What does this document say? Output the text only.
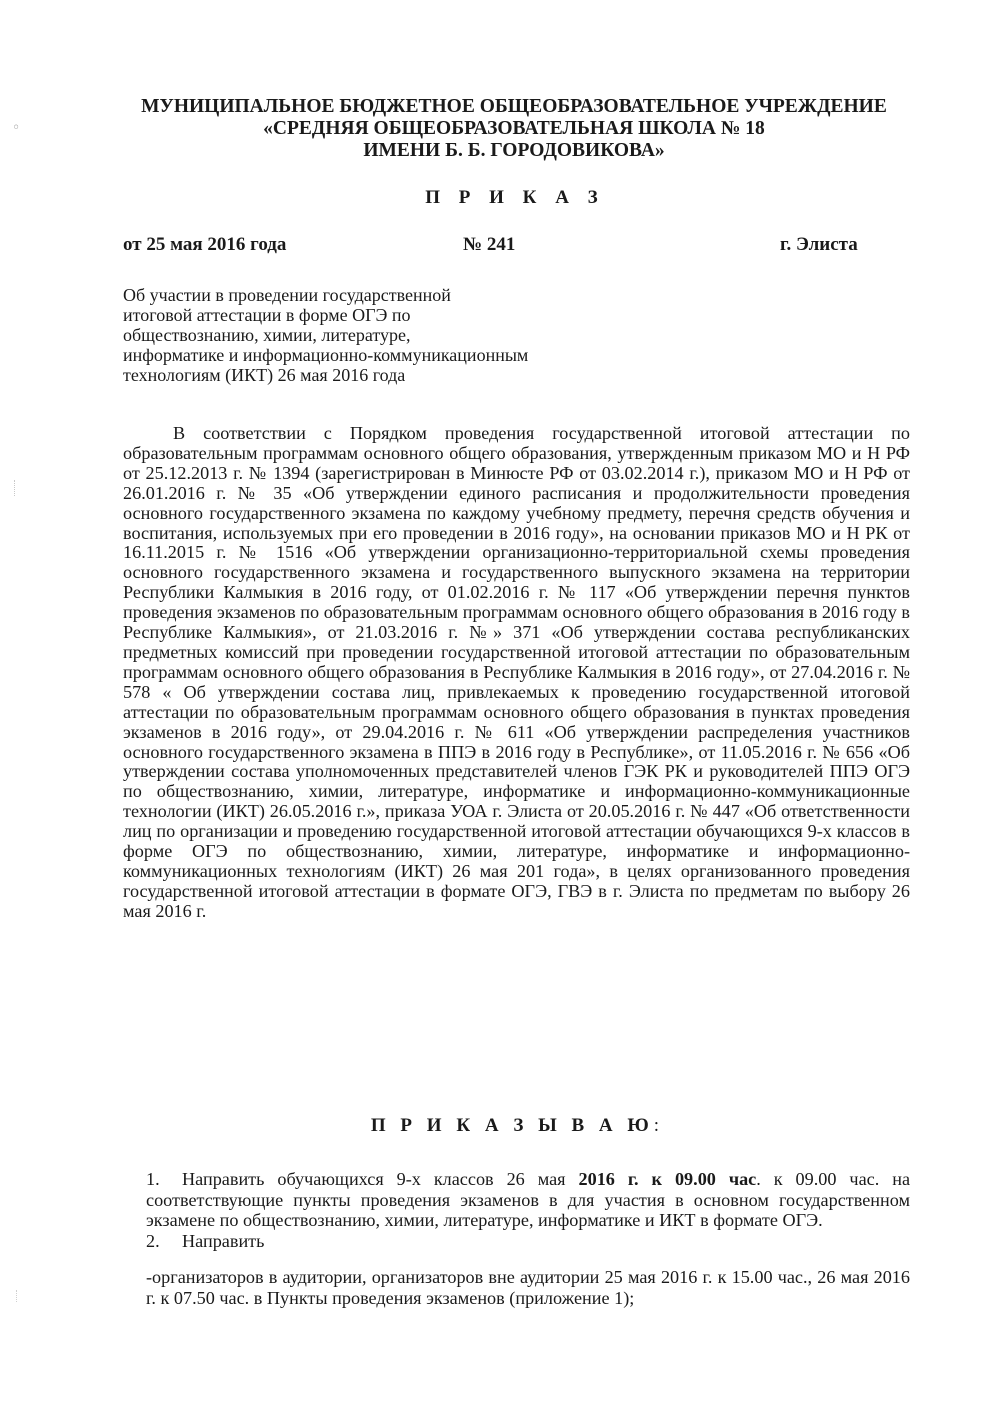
◦
МУНИЦИПАЛЬНОЕ БЮДЖЕТНОЕ ОБЩЕОБРАЗОВАТЕЛЬНОЕ УЧРЕЖДЕНИЕ
«СРЕДНЯЯ ОБЩЕОБРАЗОВАТЕЛЬНАЯ ШКОЛА № 18
ИМЕНИ Б. Б. ГОРОДОВИКОВА»
П Р И К А З
от 25 мая 2016 года	№ 241	г. Элиста
Об участии в проведении государственной
итоговой аттестации в форме ОГЭ по
обществознанию, химии, литературе,
информатике и информационно-коммуникационным
технологиям (ИКТ) 26 мая 2016 года
В соответствии с Порядком проведения государственной итоговой аттестации по образовательным программам основного общего образования, утвержденным приказом МО и Н РФ от 25.12.2013 г. № 1394 (зарегистрирован в Минюсте РФ от 03.02.2014 г.), приказом МО и Н РФ от 26.01.2016 г. № 35 «Об утверждении единого расписания и продолжительности проведения основного государственного экзамена по каждому учебному предмету, перечня средств обучения и воспитания, используемых при его проведении в 2016 году», на основании приказов МО и Н РК от 16.11.2015 г. № 1516 «Об утверждении организационно-территориальной схемы проведения основного государственного экзамена и государственного выпускного экзамена на территории Республики Калмыкия в 2016 году, от 01.02.2016 г. № 117 «Об утверждении перечня пунктов проведения экзаменов по образовательным программам основного общего образования в 2016 году в Республике Калмыкия», от 21.03.2016 г. №» 371 «Об утверждении состава республиканских предметных комиссий при проведении государственной итоговой аттестации по образовательным программам основного общего образования в Республике Калмыкия в 2016 году», от 27.04.2016 г. № 578 « Об утверждении состава лиц, привлекаемых к проведению государственной итоговой аттестации по образовательным программам основного общего образования в пунктах проведения экзаменов в 2016 году», от 29.04.2016 г. № 611 «Об утверждении распределения участников основного государственного экзамена в ППЭ в 2016 году в Республике», от 11.05.2016 г. № 656 «Об утверждении состава уполномоченных представителей членов ГЭК РК и руководителей ППЭ ОГЭ по обществознанию, химии, литературе, информатике и информационно-коммуникационные технологии (ИКТ) 26.05.2016 г.», приказа УОА г. Элиста от 20.05.2016 г. № 447 «Об ответственности лиц по организации и проведению государственной итоговой аттестации обучающихся 9-х классов в форме ОГЭ по обществознанию, химии, литературе, информатике и информационно-коммуникационных технологиям (ИКТ) 26 мая 201 года», в целях организованного проведения государственной итоговой аттестации в формате ОГЭ, ГВЭ в г. Элиста по предметам по выбору 26 мая 2016 г.
П Р И К А З Ы В А Ю:

1. Направить обучающихся 9-х классов 26 мая 2016 г. к 09.00 час. к 09.00 час. на соответствующие пункты проведения экзаменов в для участия в основном государственном экзамене по обществознанию, химии, литературе, информатике и ИКТ в формате ОГЭ.

2. Направить

-организаторов в аудитории, организаторов вне аудитории 25 мая 2016 г. к 15.00 час., 26 мая 2016 г. к 07.50 час. в Пункты проведения экзаменов (приложение 1);
